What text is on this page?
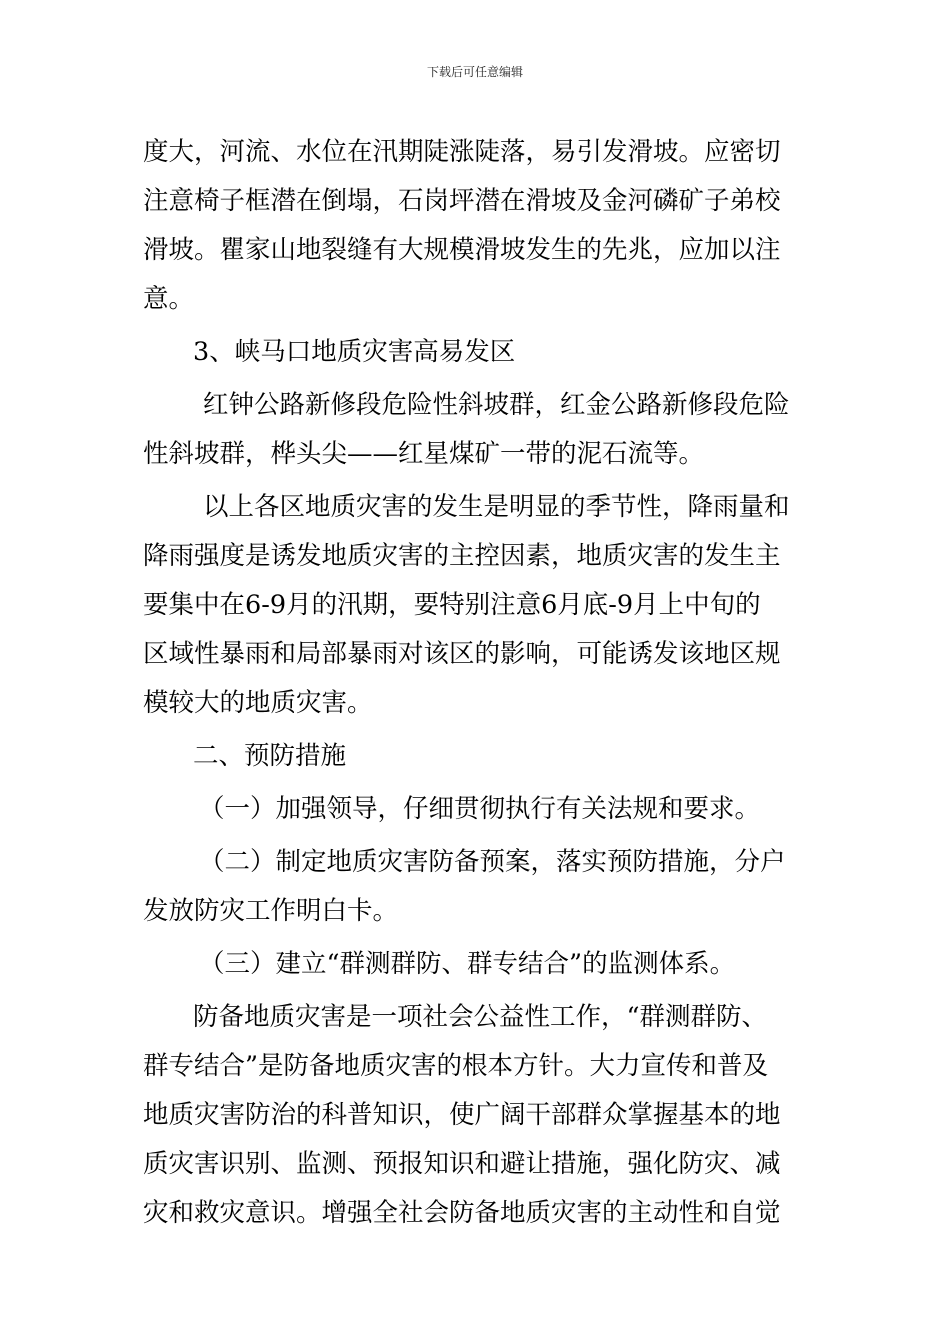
下载后可任意编辑
度大，河流、水位在汛期陡涨陡落，易引发滑坡。应密切
注意椅子框潜在倒塌，石岗坪潜在滑坡及金河磷矿子弟校
滑坡。瞿家山地裂缝有大规模滑坡发生的先兆，应加以注
意。
3、峡马口地质灾害高易发区
红钟公路新修段危险性斜坡群，红金公路新修段危险
性斜坡群，桦头尖——红星煤矿一带的泥石流等。
以上各区地质灾害的发生是明显的季节性，降雨量和
降雨强度是诱发地质灾害的主控因素，地质灾害的发生主
要集中在6-9月的汛期，要特别注意6月底-9月上中旬的
区域性暴雨和局部暴雨对该区的影响，可能诱发该地区规
模较大的地质灾害。
二、预防措施
（一）加强领导，仔细贯彻执行有关法规和要求。
（二）制定地质灾害防备预案，落实预防措施，分户
发放防灾工作明白卡。
（三）建立“群测群防、群专结合”的监测体系。
防备地质灾害是一项社会公益性工作，“群测群防、
群专结合”是防备地质灾害的根本方针。大力宣传和普及
地质灾害防治的科普知识，使广阔干部群众掌握基本的地
质灾害识别、监测、预报知识和避让措施，强化防灾、减
灾和救灾意识。增强全社会防备地质灾害的主动性和自觉
